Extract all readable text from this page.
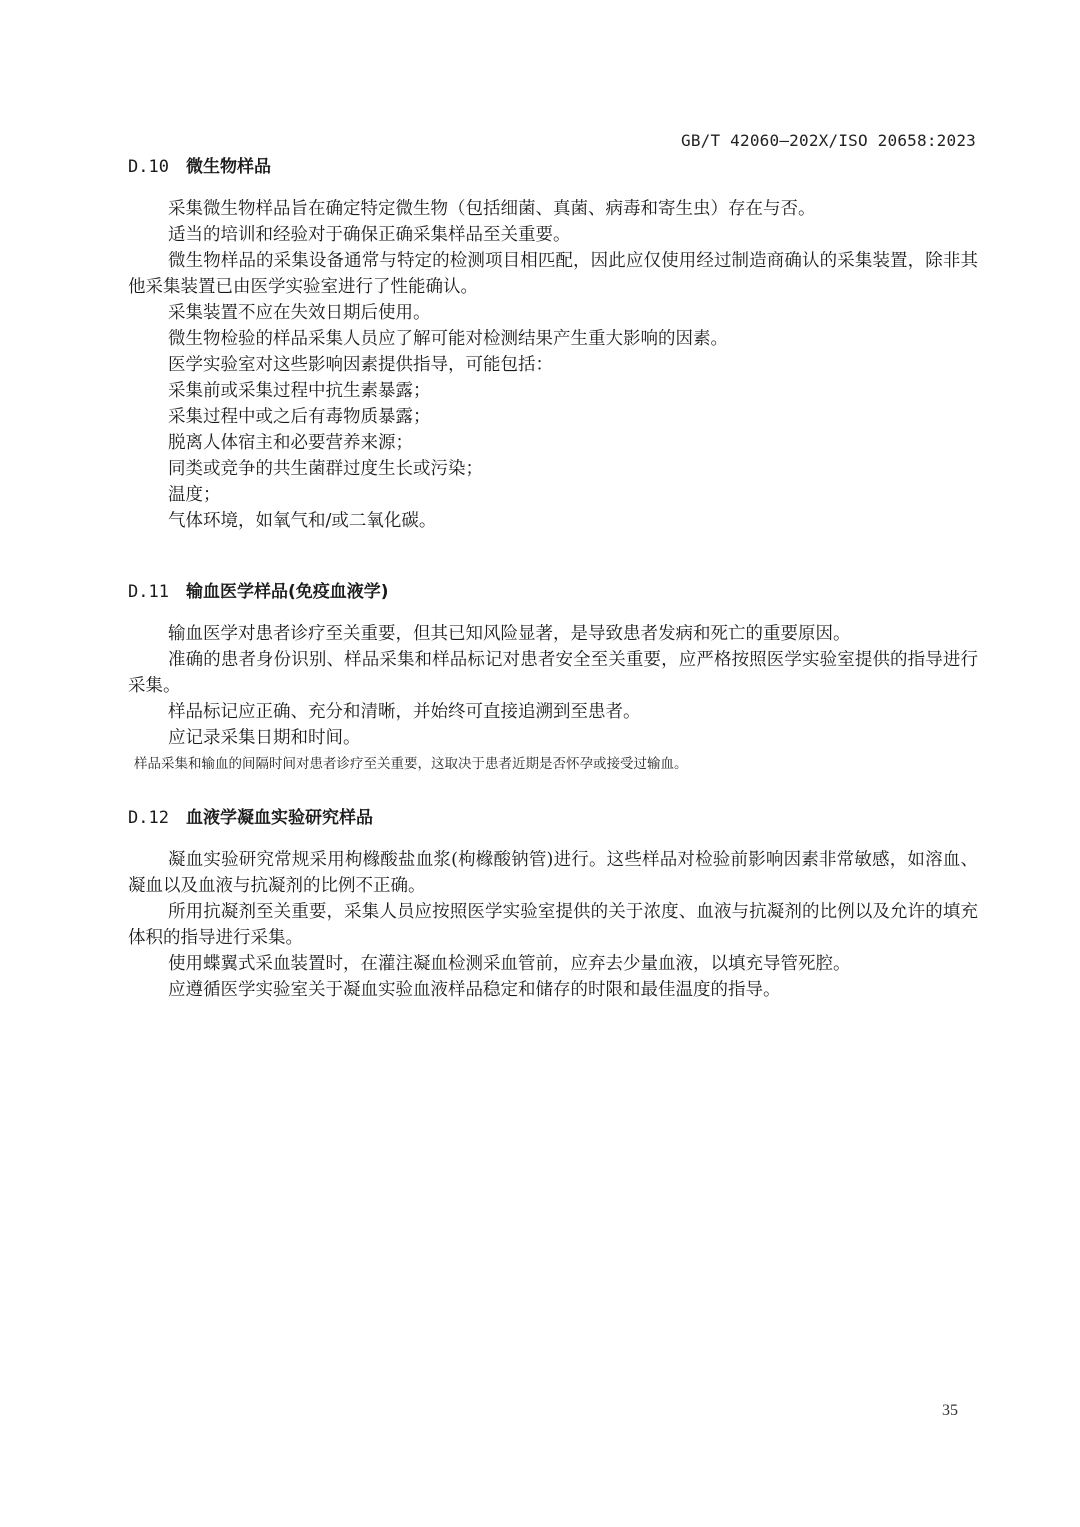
GB/T 42060—202X/ISO 20658:2023
D.10 微生物样品

采集微生物样品旨在确定特定微生物（包括细菌、真菌、病毒和寄生虫）存在与否。

适当的培训和经验对于确保正确采集样品至关重要。

微生物样品的采集设备通常与特定的检测项目相匹配，因此应仅使用经过制造商确认的采集装置，除非其他采集装置已由医学实验室进行了性能确认。

采集装置不应在失效日期后使用。

微生物检验的样品采集人员应了解可能对检测结果产生重大影响的因素。

医学实验室对这些影响因素提供指导，可能包括：

采集前或采集过程中抗生素暴露；

采集过程中或之后有毒物质暴露；

脱离人体宿主和必要营养来源；

同类或竞争的共生菌群过度生长或污染；

温度；

气体环境，如氧气和/或二氧化碳。

D.11 输血医学样品(免疫血液学)

输血医学对患者诊疗至关重要，但其已知风险显著，是导致患者发病和死亡的重要原因。

准确的患者身份识别、样品采集和样品标记对患者安全至关重要，应严格按照医学实验室提供的指导进行采集。

样品标记应正确、充分和清晰，并始终可直接追溯到至患者。

应记录采集日期和时间。

样品采集和输血的间隔时间对患者诊疗至关重要，这取决于患者近期是否怀孕或接受过输血。

D.12 血液学凝血实验研究样品

凝血实验研究常规采用枸橼酸盐血浆(枸橼酸钠管)进行。这些样品对检验前影响因素非常敏感，如溶血、凝血以及血液与抗凝剂的比例不正确。

所用抗凝剂至关重要，采集人员应按照医学实验室提供的关于浓度、血液与抗凝剂的比例以及允许的填充体积的指导进行采集。

使用蝶翼式采血装置时，在灌注凝血检测采血管前，应弃去少量血液，以填充导管死腔。

应遵循医学实验室关于凝血实验血液样品稳定和储存的时限和最佳温度的指导。

35
